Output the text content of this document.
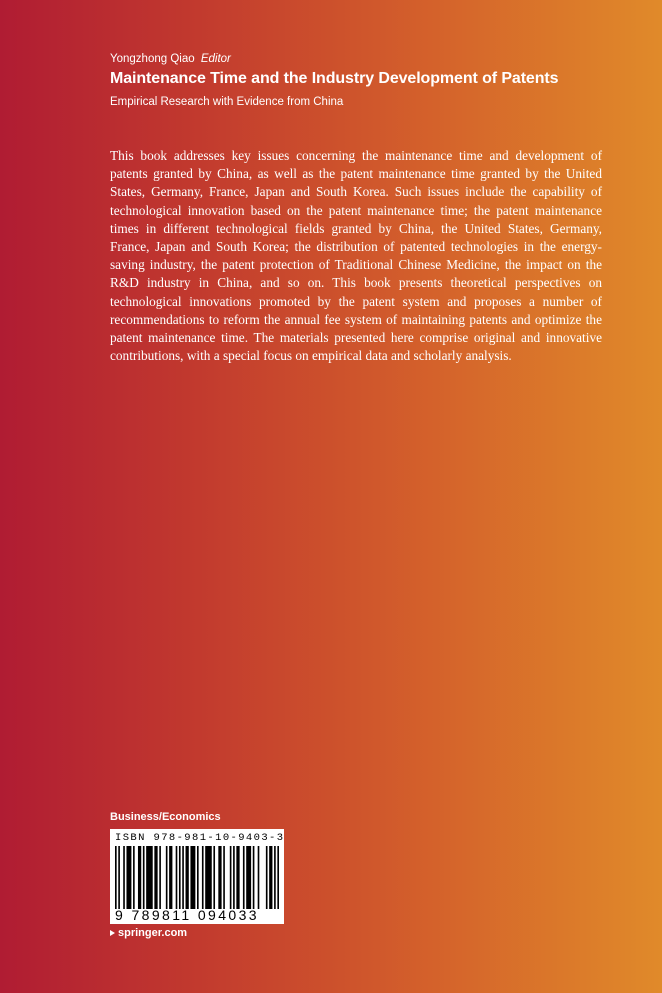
Yongzhong Qiao Editor
Maintenance Time and the Industry Development of Patents
Empirical Research with Evidence from China

This book addresses key issues concerning the maintenance time and development of patents granted by China, as well as the patent maintenance time granted by the United States, Germany, France, Japan and South Korea. Such issues include the capability of technological innovation based on the patent maintenance time; the patent maintenance times in different technological fields granted by China, the United States, Germany, France, Japan and South Korea; the distribution of patented technologies in the energy-saving industry, the patent protection of Traditional Chinese Medicine, the impact on the R&D industry in China, and so on. This book presents theoretical perspectives on technological innovations promoted by the patent system and proposes a number of recommendations to reform the annual fee system of maintaining patents and optimize the patent maintenance time. The materials presented here comprise original and innovative contributions, with a special focus on empirical data and scholarly analysis.

Business/Economics
ISBN 978-981-10-9403-3
9 789811 094033
springer.com
